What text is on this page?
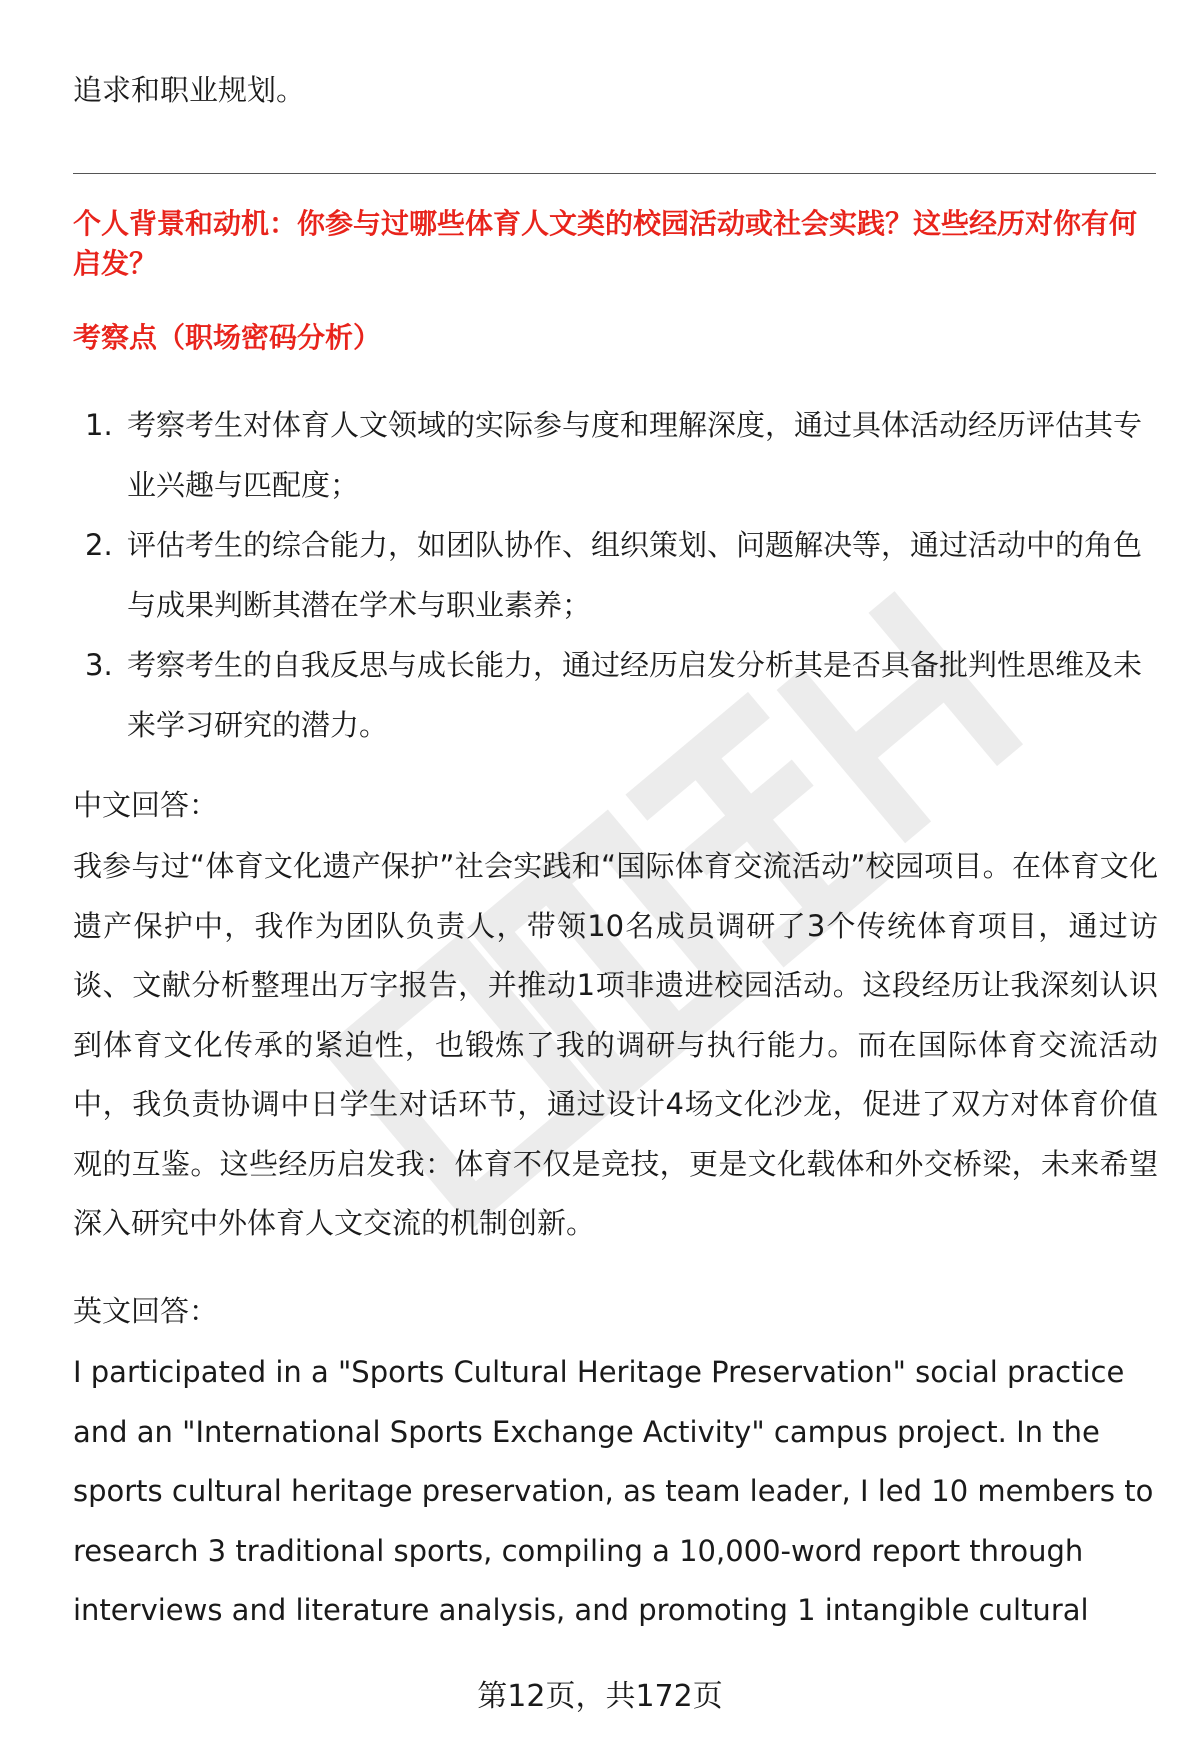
追求和职业规划。
个人背景和动机：你参与过哪些体育人文类的校园活动或社会实践？这些经历对你有何启发？
考察点（职场密码分析）
1. 考察考生对体育人文领域的实际参与度和理解深度，通过具体活动经历评估其专业兴趣与匹配度；
2. 评估考生的综合能力，如团队协作、组织策划、问题解决等，通过活动中的角色与成果判断其潜在学术与职业素养；
3. 考察考生的自我反思与成长能力，通过经历启发分析其是否具备批判性思维及未来学习研究的潜力。
中文回答：

我参与过“体育文化遗产保护”社会实践和“国际体育交流活动”校园项目。在体育文化遗产保护中，我作为团队负责人，带领10名成员调研了3个传统体育项目，通过访谈、文献分析整理出万字报告，并推动1项非遗进校园活动。这段经历让我深刻认识到体育文化传承的紧迫性，也锻炼了我的调研与执行能力。而在国际体育交流活动中，我负责协调中日学生对话环节，通过设计4场文化沙龙，促进了双方对体育价值观的互鉴。这些经历启发我：体育不仅是竞技，更是文化载体和外交桥梁，未来希望深入研究中外体育人文交流的机制创新。

英文回答：
I participated in a "Sports Cultural Heritage Preservation" social practice
and an "International Sports Exchange Activity" campus project. In the
sports cultural heritage preservation, as team leader, I led 10 members to
research 3 traditional sports, compiling a 10,000-word report through
interviews and literature analysis, and promoting 1 intangible cultural
第12页，共172页
